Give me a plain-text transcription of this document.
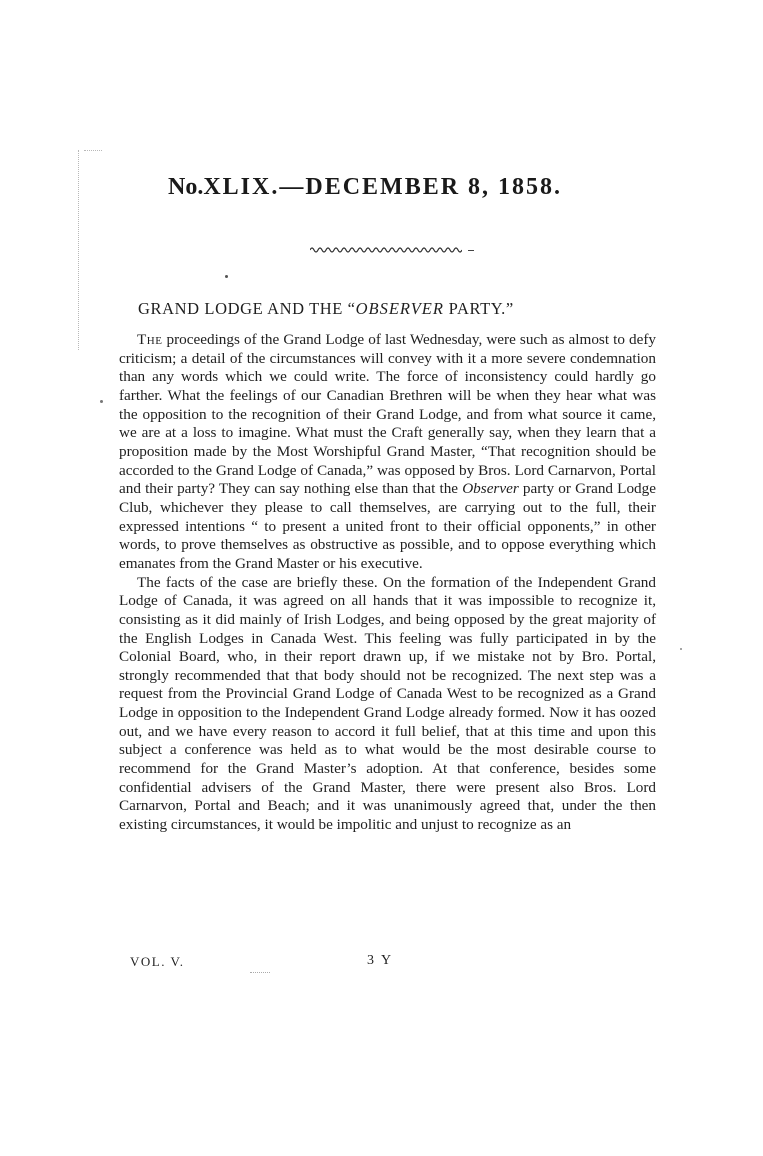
No.XLIX.—DECEMBER 8, 1858.
GRAND LODGE AND THE “OBSERVER PARTY.”

The proceedings of the Grand Lodge of last Wednesday, were such as almost to defy criticism; a detail of the circumstances will convey with it a more severe condemnation than any words which we could write. The force of inconsistency could hardly go farther. What the feelings of our Canadian Brethren will be when they hear what was the opposition to the recognition of their Grand Lodge, and from what source it came, we are at a loss to imagine. What must the Craft generally say, when they learn that a proposition made by the Most Worshipful Grand Master, “That recognition should be accorded to the Grand Lodge of Canada,” was opposed by Bros. Lord Carnarvon, Portal and their party? They can say nothing else than that the Observer party or Grand Lodge Club, whichever they please to call themselves, are carrying out to the full, their expressed intentions “ to present a united front to their official opponents,” in other words, to prove themselves as obstructive as possible, and to oppose everything which emanates from the Grand Master or his executive.

The facts of the case are briefly these. On the formation of the Independent Grand Lodge of Canada, it was agreed on all hands that it was impossible to recognize it, consisting as it did mainly of Irish Lodges, and being opposed by the great majority of the English Lodges in Canada West. This feeling was fully participated in by the Colonial Board, who, in their report drawn up, if we mistake not by Bro. Portal, strongly recommended that that body should not be recognized. The next step was a request from the Provincial Grand Lodge of Canada West to be recognized as a Grand Lodge in opposition to the Independent Grand Lodge already formed. Now it has oozed out, and we have every reason to accord it full belief, that at this time and upon this subject a conference was held as to what would be the most desirable course to recommend for the Grand Master’s adoption. At that conference, besides some confidential advisers of the Grand Master, there were present also Bros. Lord Carnarvon, Portal and Beach; and it was unanimously agreed that, under the then existing circumstances, it would be impolitic and unjust to recognize as an

VOL. V.	3 Y
